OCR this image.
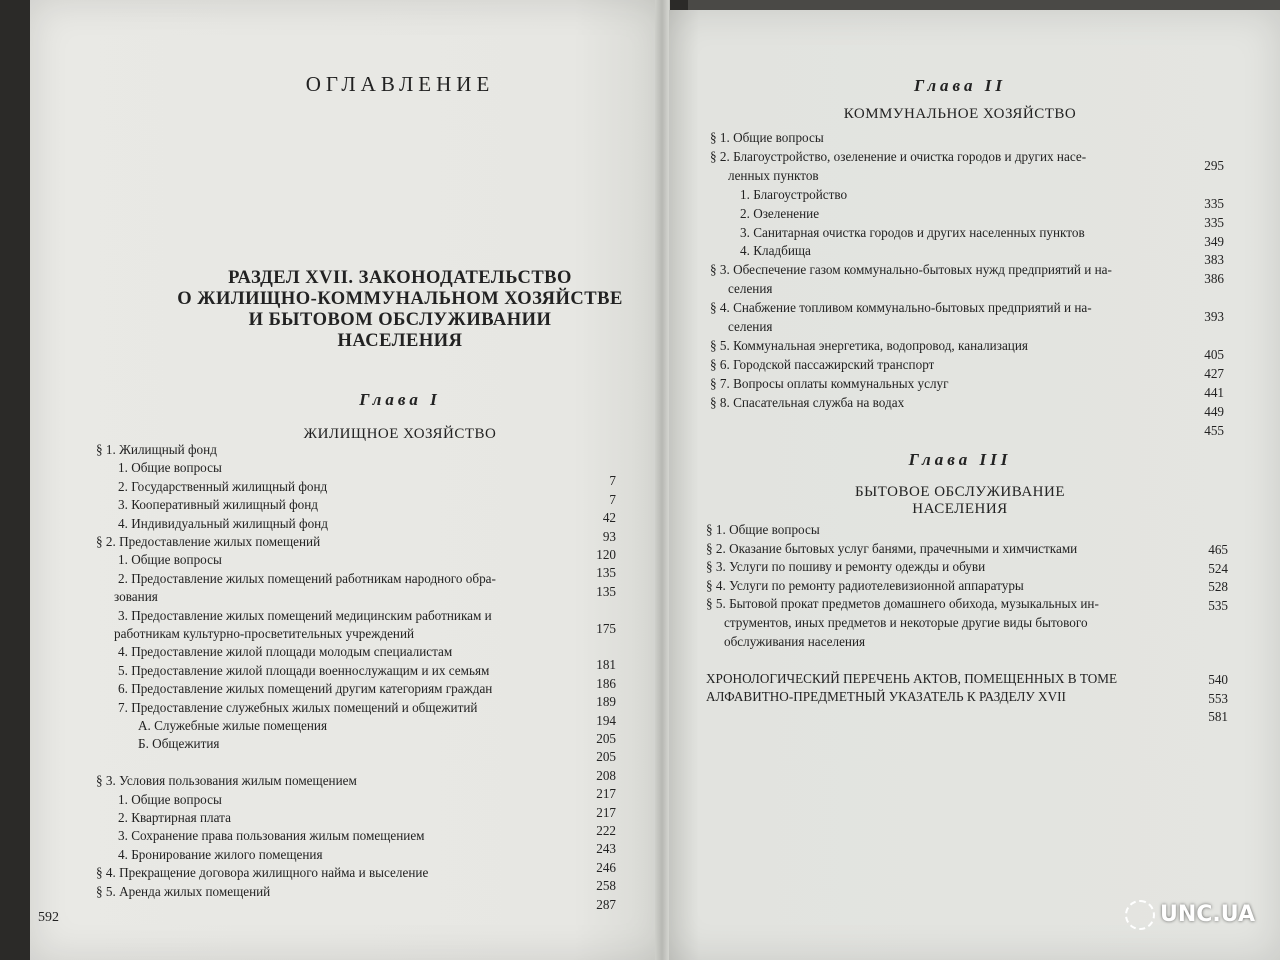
ОГЛАВЛЕНИЕ
РАЗДЕЛ XVII. ЗАКОНОДАТЕЛЬСТВО
О ЖИЛИЩНО-КОММУНАЛЬНОМ ХОЗЯЙСТВЕ
И БЫТОВОМ ОБСЛУЖИВАНИИ
НАСЕЛЕНИЯ
Глава I
ЖИЛИЩНОЕ ХОЗЯЙСТВО
§ 1. Жилищный фонд
1. Общие вопросы
7
2. Государственный жилищный фонд
7
3. Кооперативный жилищный фонд
42
4. Индивидуальный жилищный фонд
93
§ 2. Предоставление жилых помещений
120
1. Общие вопросы
135
2. Предоставление жилых помещений работникам народного обра-
135
зования
3. Предоставление жилых помещений медицинским работникам и
175
работникам культурно-просветительных учреждений
4. Предоставление жилой площади молодым специалистам
181
5. Предоставление жилой площади военнослужащим и их семьям
186
6. Предоставление жилых помещений другим категориям граждан
189
7. Предоставление служебных жилых помещений и общежитий
194
А. Служебные жилые помещения
205
Б. Общежития
205
208
§ 3. Условия пользования жилым помещением
217
1. Общие вопросы
217
2. Квартирная плата
222
3. Сохранение права пользования жилым помещением
243
4. Бронирование жилого помещения
246
§ 4. Прекращение договора жилищного найма и выселение
258
§ 5. Аренда жилых помещений
287
592
Глава II
КОММУНАЛЬНОЕ ХОЗЯЙСТВО
§ 1. Общие вопросы
§ 2. Благоустройство, озеленение и очистка городов и других насе-
295
ленных пунктов
1. Благоустройство
335
2. Озеленение
335
3. Санитарная очистка городов и других населенных пунктов
349
4. Кладбища
383
§ 3. Обеспечение газом коммунально-бытовых нужд предприятий и на-
386
селения
§ 4. Снабжение топливом коммунально-бытовых предприятий и на-
393
селения
§ 5. Коммунальная энергетика, водопровод, канализация
405
§ 6. Городской пассажирский транспорт
427
§ 7. Вопросы оплаты коммунальных услуг
441
§ 8. Спасательная служба на водах
449
455
Глава III
БЫТОВОЕ ОБСЛУЖИВАНИЕ
НАСЕЛЕНИЯ
§ 1. Общие вопросы
465
§ 2. Оказание бытовых услуг банями, прачечными и химчистками
524
§ 3. Услуги по пошиву и ремонту одежды и обуви
528
§ 4. Услуги по ремонту радиотелевизионной аппаратуры
535
§ 5. Бытовой прокат предметов домашнего обихода, музыкальных ин-
струментов, иных предметов и некоторые другие виды бытового
обслуживания населения
540
ХРОНОЛОГИЧЕСКИЙ ПЕРЕЧЕНЬ АКТОВ, ПОМЕЩЕННЫХ В ТОМЕ
553
АЛФАВИТНО-ПРЕДМЕТНЫЙ УКАЗАТЕЛЬ К РАЗДЕЛУ XVII
581
UNC.UA
